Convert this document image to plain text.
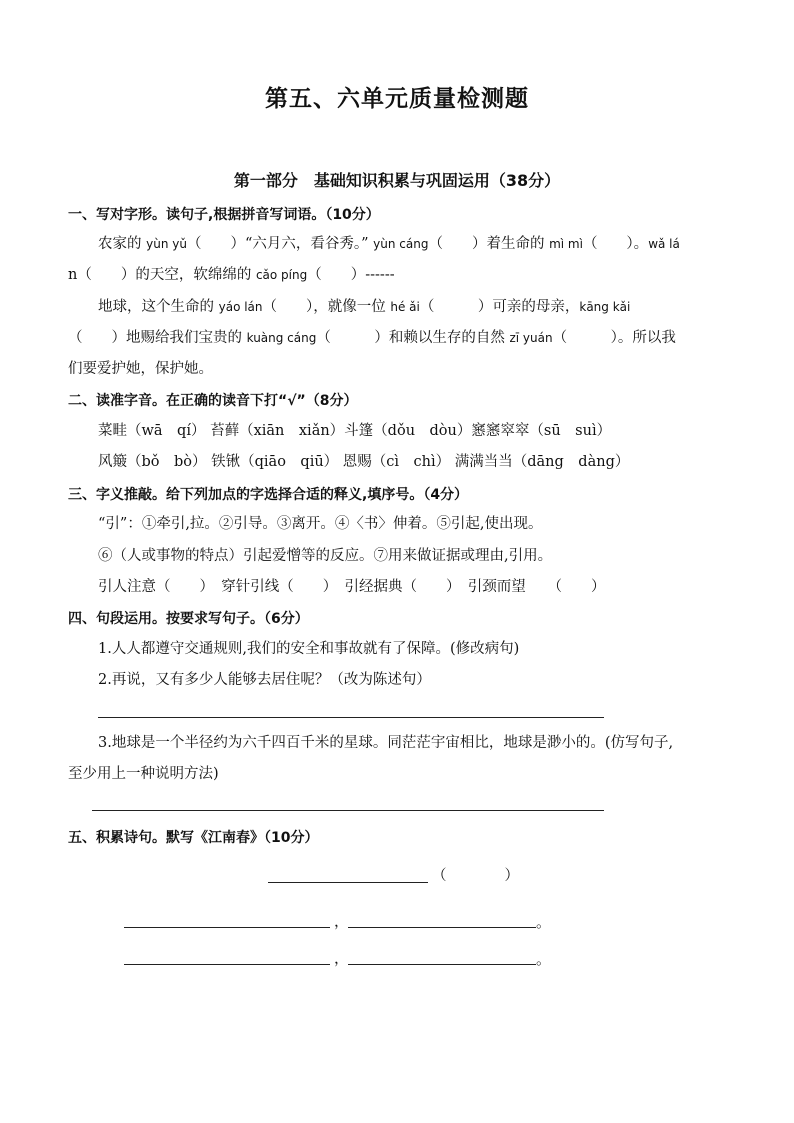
第五、六单元质量检测题
第一部分　基础知识积累与巩固运用（38分）
一、写对字形。读句子,根据拼音写词语。（10分）
农家的 yùn yǔ（　　）“六月六，看谷秀。” yùn cáng（　　）着生命的 mì mì（　　）。wǎ lá
n（　　）的天空，软绵绵的 cǎo píng（　　）------
地球，这个生命的 yáo lán（　　），就像一位 hé ǎi（　　　）可亲的母亲，kāng kǎi
（　　）地赐给我们宝贵的 kuàng cáng（　　　）和赖以生存的自然 zī yuán（　　　）。所以我
们要爱护她，保护她。
二、读准字音。在正确的读音下打“√”（8分）
菜畦（wā　qí） 苔藓（xiān　xiǎn）斗篷（dǒu　dòu）窸窸窣窣（sū　suì）
风簸（bǒ　bò） 铁锹（qiāo　qiū） 恩赐（cì　chì） 满满当当（dāng　dàng）
三、字义推敲。给下列加点的字选择合适的释义,填序号。（4分）
“引”：①牵引,拉。②引导。③离开。④〈书〉伸着。⑤引起,使出现。
⑥（人或事物的特点）引起爱憎等的反应。⑦用来做证据或理由,引用。
引人注意（　　）　穿针引线（　　）　引经据典（　　）　引颈而望　　（　　）
四、句段运用。按要求写句子。（6分）
1.人人都遵守交通规则,我们的安全和事故就有了保障。(修改病句)
2.再说，又有多少人能够去居住呢？（改为陈述句）
3.地球是一个半径约为六千四百千米的星球。同茫茫宇宙相比，地球是渺小的。(仿写句子,
至少用上一种说明方法)
五、积累诗句。默写《江南春》（10分）
（　　　　）
，	。
，	。
